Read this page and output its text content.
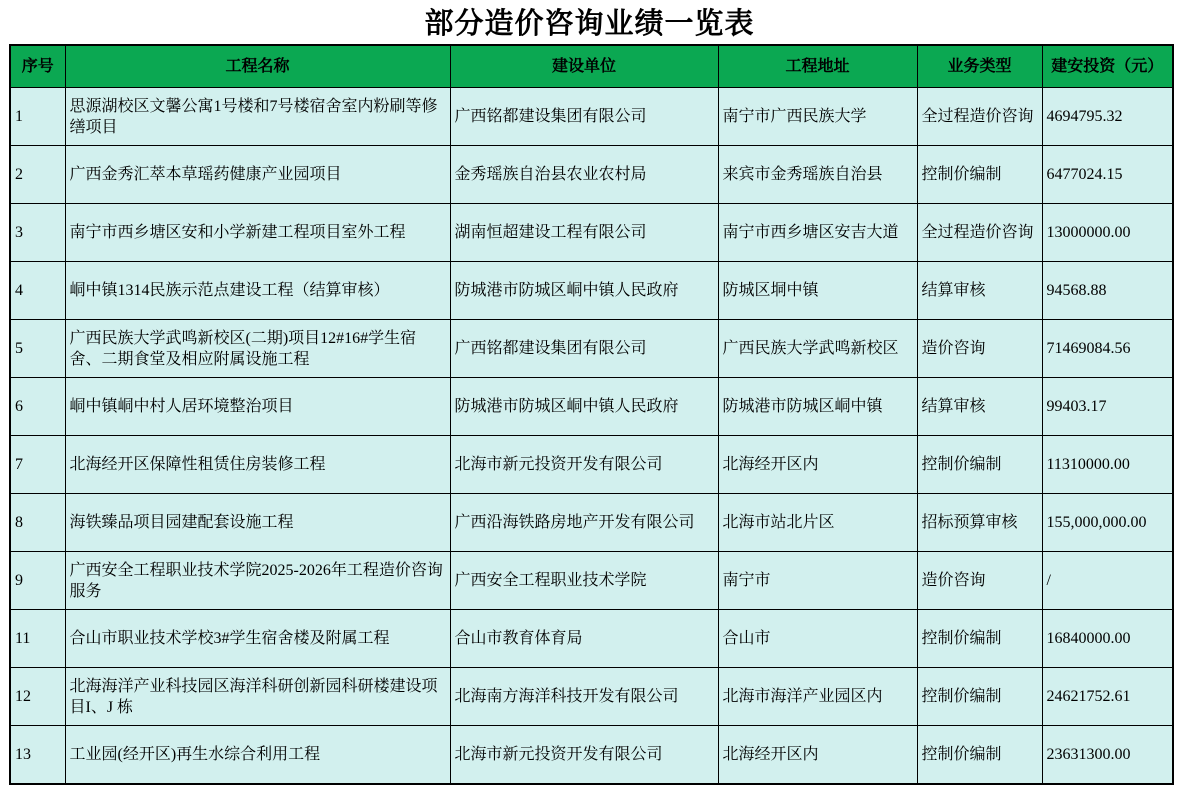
部分造价咨询业绩一览表
序号	工程名称	建设单位	工程地址	业务类型	建安投资（元）
1	思源湖校区文馨公寓1号楼和7号楼宿舍室内粉刷等修缮项目	广西铭都建设集团有限公司	南宁市广西民族大学	全过程造价咨询	4694795.32
2	广西金秀汇萃本草瑶药健康产业园项目	金秀瑶族自治县农业农村局	来宾市金秀瑶族自治县	控制价编制	6477024.15
3	南宁市西乡塘区安和小学新建工程项目室外工程	湖南恒超建设工程有限公司	南宁市西乡塘区安吉大道	全过程造价咨询	13000000.00
4	峒中镇1314民族示范点建设工程（结算审核）	防城港市防城区峒中镇人民政府	防城区垌中镇	结算审核	94568.88
5	广西民族大学武鸣新校区(二期)项目12#16#学生宿舍、二期食堂及相应附属设施工程	广西铭都建设集团有限公司	广西民族大学武鸣新校区	造价咨询	71469084.56
6	峒中镇峒中村人居环境整治项目	防城港市防城区峒中镇人民政府	防城港市防城区峒中镇	结算审核	99403.17
7	北海经开区保障性租赁住房装修工程	北海市新元投资开发有限公司	北海经开区内	控制价编制	11310000.00
8	海铁臻品项目园建配套设施工程	广西沿海铁路房地产开发有限公司	北海市站北片区	招标预算审核	155,000,000.00
9	广西安全工程职业技术学院2025-2026年工程造价咨询服务	广西安全工程职业技术学院	南宁市	造价咨询	/
11	合山市职业技术学校3#学生宿舍楼及附属工程	合山市教育体育局	合山市	控制价编制	16840000.00
12	北海海洋产业科技园区海洋科研创新园科研楼建设项目I、J 栋	北海南方海洋科技开发有限公司	北海市海洋产业园区内	控制价编制	24621752.61
13	工业园(经开区)再生水综合利用工程	北海市新元投资开发有限公司	北海经开区内	控制价编制	23631300.00
